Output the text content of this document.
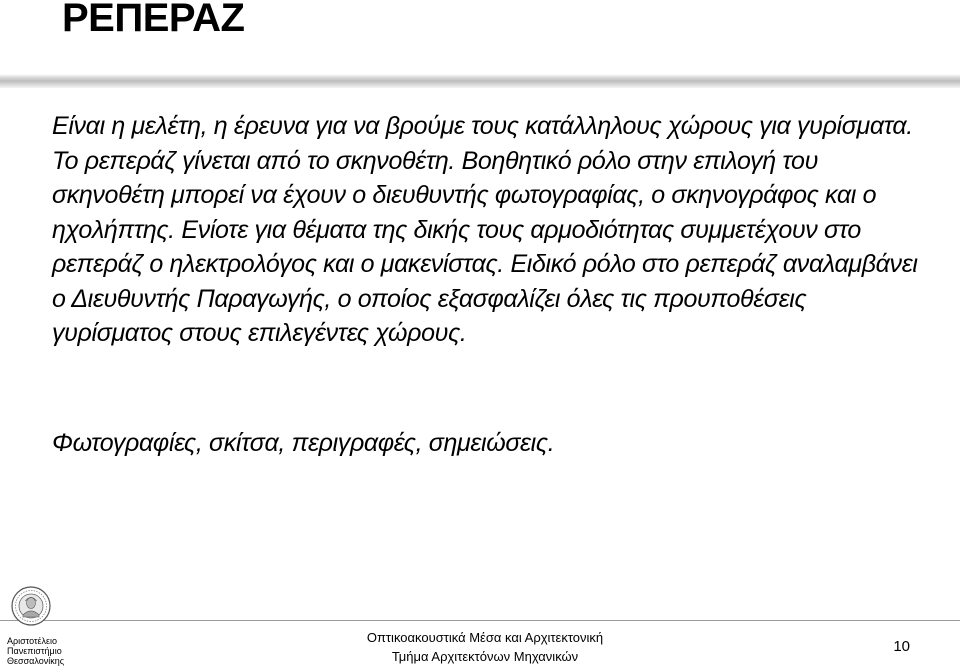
ΡΕΠΕΡΑΖ

Είναι η μελέτη, η έρευνα για να βρούμε τους κατάλληλους χώρους για γυρίσματα. Το ρεπεράζ γίνεται από το σκηνοθέτη. Βοηθητικό ρόλο στην επιλογή του σκηνοθέτη μπορεί να έχουν ο διευθυντής φωτογραφίας, ο σκηνογράφος και ο ηχολήπτης. Ενίοτε για θέματα της δικής τους αρμοδιότητας συμμετέχουν στο ρεπεράζ ο ηλεκτρολόγος και ο μακενίστας. Ειδικό ρόλο στο ρεπεράζ αναλαμβάνει ο Διευθυντής Παραγωγής, ο οποίος εξασφαλίζει όλες τις προυποθέσεις γυρίσματος στους επιλεγέντες χώρους.

Φωτογραφίες, σκίτσα, περιγραφές, σημειώσεις.

Αριστοτέλειο
Πανεπιστήμιο
Θεσσαλονίκης
Οπτικοακουστικά Μέσα και Αρχιτεκτονική
Τμήμα Αρχιτεκτόνων Μηχανικών
10
